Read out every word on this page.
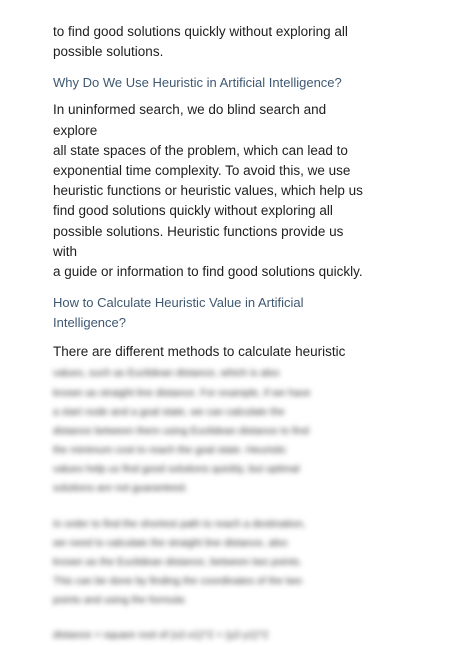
to find good solutions quickly without exploring all

possible solutions.

Why Do We Use Heuristic in Artificial Intelligence?

In uninformed search, we do blind search and explore

all state spaces of the problem, which can lead to

exponential time complexity. To avoid this, we use

heuristic functions or heuristic values, which help us

find good solutions quickly without exploring all

possible solutions. Heuristic functions provide us with

a guide or information to find good solutions quickly.

How to Calculate Heuristic Value in Artificial

Intelligence?

There are different methods to calculate heuristic

values, such as Euclidean distance, which is also

known as straight line distance. For example, if we have

a start node and a goal state, we can calculate the

distance between them using Euclidean distance to find

the minimum cost to reach the goal state. Heuristic

values help us find good solutions quickly, but optimal

solutions are not guaranteed.

In order to find the shortest path to reach a destination,

we need to calculate the straight line distance, also

known as the Euclidean distance, between two points.

This can be done by finding the coordinates of the two

points and using the formula:

distance = square root of (x2-x1)^2 + (y2-y1)^2
